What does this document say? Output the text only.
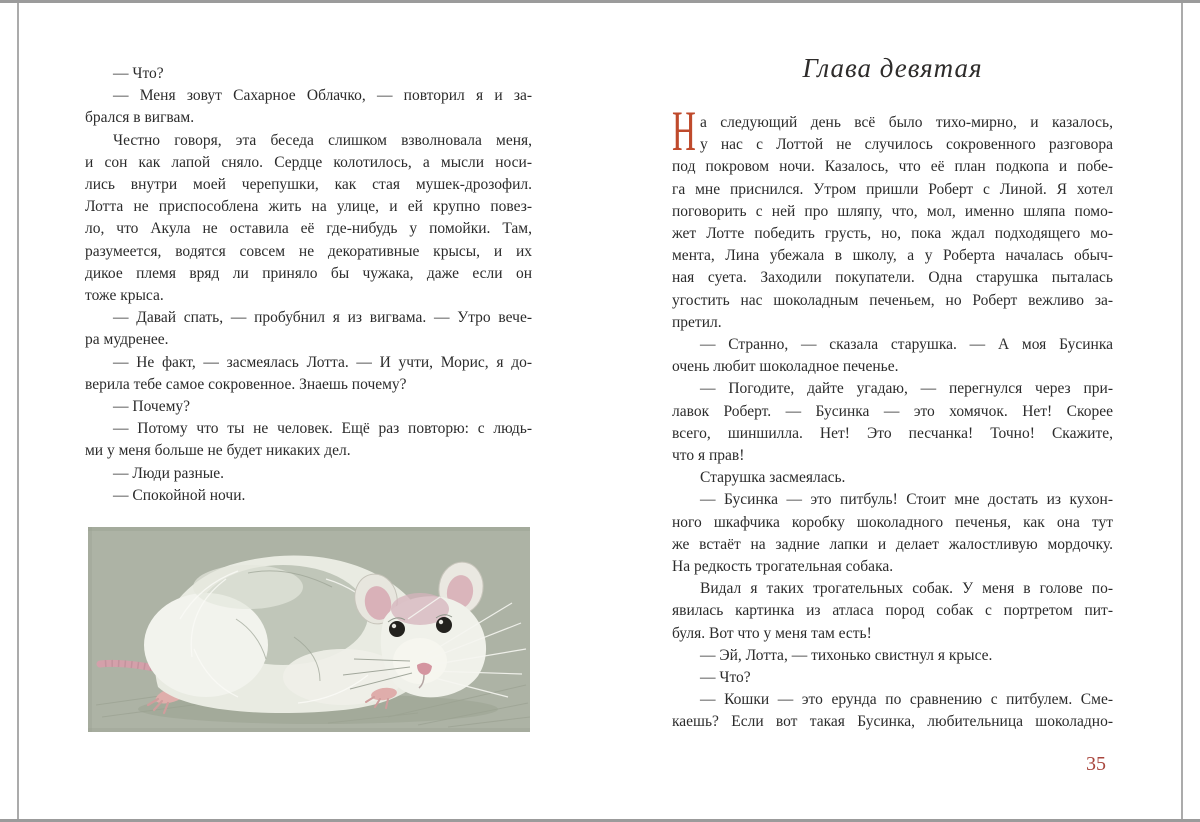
— Что?
— Меня зовут Сахарное Облачко, — повторил я и за-
брался в вигвам.
Честно говоря, эта беседа слишком взволновала меня,
и сон как лапой сняло. Сердце колотилось, а мысли носи-
лись внутри моей черепушки, как стая мушек-дрозофил.
Лотта не приспособлена жить на улице, и ей крупно повез-
ло, что Акула не оставила её где-нибудь у помойки. Там,
разумеется, водятся совсем не декоративные крысы, и их
дикое племя вряд ли приняло бы чужака, даже если он
тоже крыса.
— Давай спать, — пробубнил я из вигвама. — Утро вече-
ра мудренее.
— Не факт, — засмеялась Лотта. — И учти, Морис, я до-
верила тебе самое сокровенное. Знаешь почему?
— Почему?
— Потому что ты не человек. Ещё раз повторю: с людь-
ми у меня больше не будет никаких дел.
— Люди разные.
— Спокойной ночи.
Глава девятая
Н а следующий день всё было тихо-мирно, и казалось,
у нас с Лоттой не случилось сокровенного разговора
под покровом ночи. Казалось, что её план подкопа и побе-
га мне приснился. Утром пришли Роберт с Линой. Я хотел
поговорить с ней про шляпу, что, мол, именно шляпа помо-
жет Лотте победить грусть, но, пока ждал подходящего мо-
мента, Лина убежала в школу, а у Роберта началась обыч-
ная суета. Заходили покупатели. Одна старушка пыталась
угостить нас шоколадным печеньем, но Роберт вежливо за-
претил.
— Странно, — сказала старушка. — А моя Бусинка
очень любит шоколадное печенье.
— Погодите, дайте угадаю, — перегнулся через при-
лавок Роберт. — Бусинка — это хомячок. Нет! Скорее
всего, шиншилла. Нет! Это песчанка! Точно! Скажите,
что я прав!
Старушка засмеялась.
— Бусинка — это питбуль! Стоит мне достать из кухон-
ного шкафчика коробку шоколадного печенья, как она тут
же встаёт на задние лапки и делает жалостливую мордочку.
На редкость трогательная собака.
Видал я таких трогательных собак. У меня в голове по-
явилась картинка из атласа пород собак с портретом пит-
буля. Вот что у меня там есть!
— Эй, Лотта, — тихонько свистнул я крысе.
— Что?
— Кошки — это ерунда по сравнению с питбулем. Сме-
каешь? Если вот такая Бусинка, любительница шоколадно-
35
